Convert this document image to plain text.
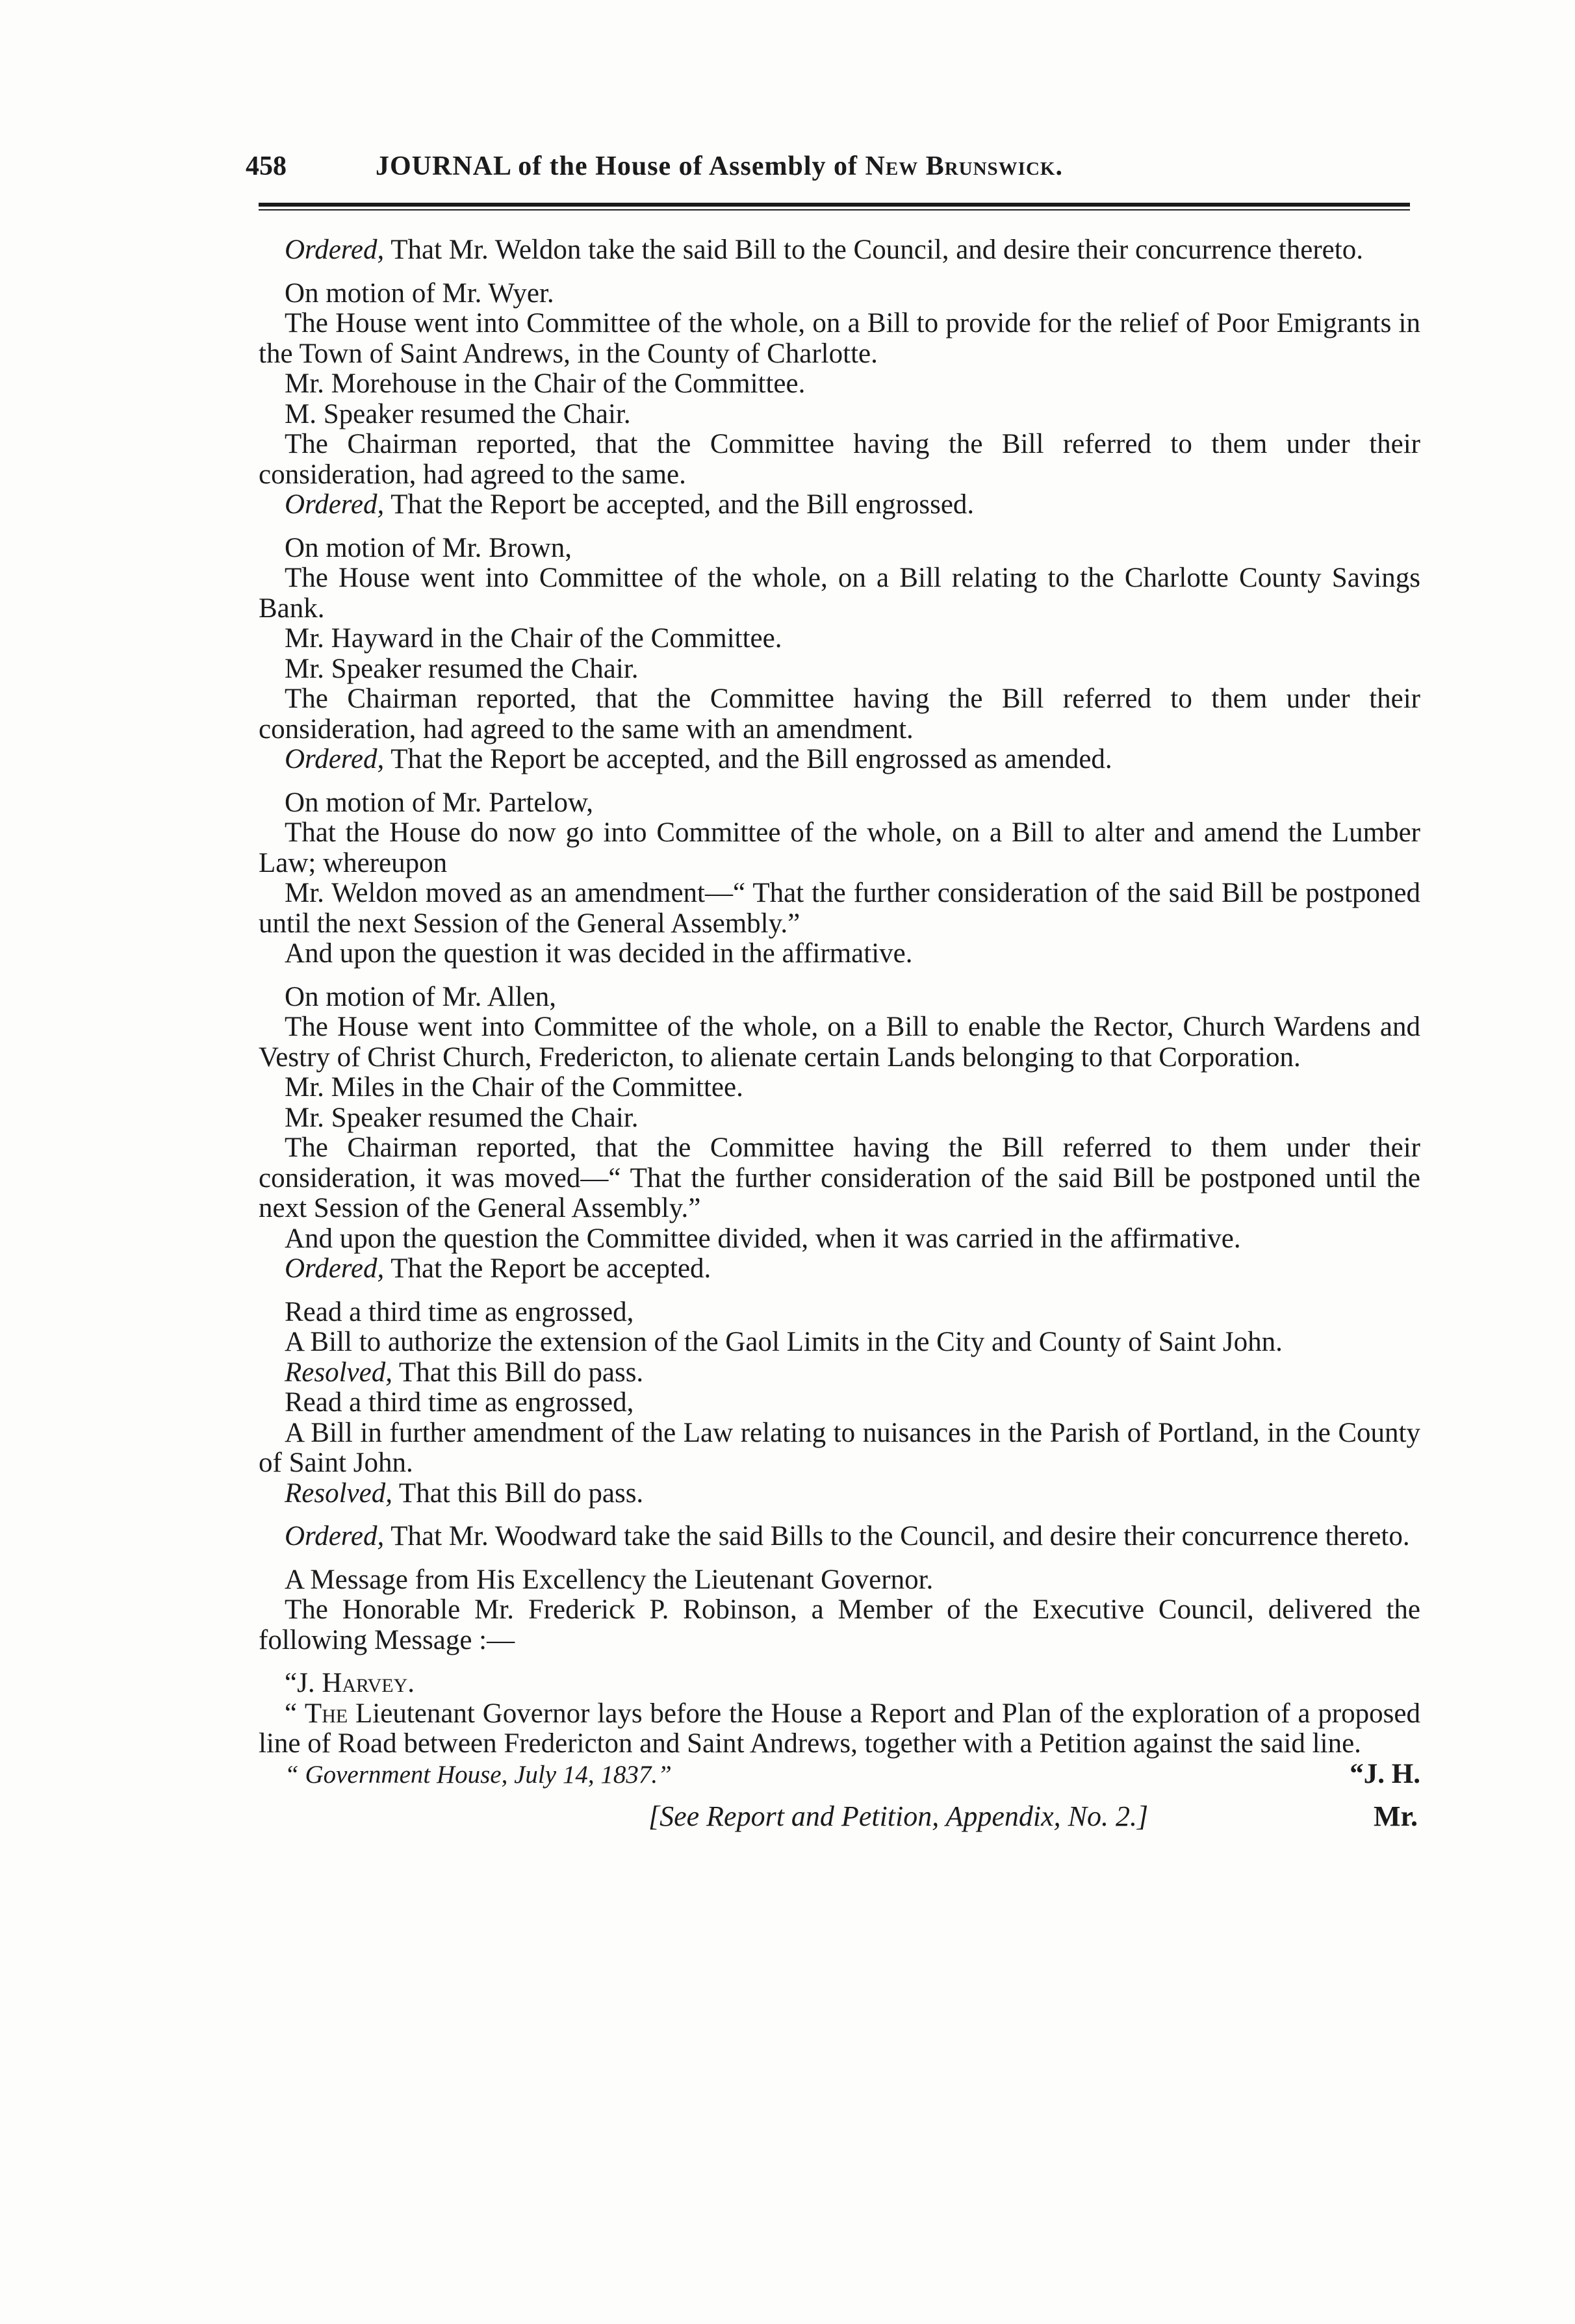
458	JOURNAL of the House of Assembly of New Brunswick.

Ordered, That Mr. Weldon take the said Bill to the Council, and desire their concurrence thereto.

On motion of Mr. Wyer.

The House went into Committee of the whole, on a Bill to provide for the relief of Poor Emigrants in the Town of Saint Andrews, in the County of Charlotte.

Mr. Morehouse in the Chair of the Committee.

M. Speaker resumed the Chair.

The Chairman reported, that the Committee having the Bill referred to them under their consideration, had agreed to the same.

Ordered, That the Report be accepted, and the Bill engrossed.

On motion of Mr. Brown,

The House went into Committee of the whole, on a Bill relating to the Charlotte County Savings Bank.

Mr. Hayward in the Chair of the Committee.

Mr. Speaker resumed the Chair.

The Chairman reported, that the Committee having the Bill referred to them under their consideration, had agreed to the same with an amendment.

Ordered, That the Report be accepted, and the Bill engrossed as amended.

On motion of Mr. Partelow,

That the House do now go into Committee of the whole, on a Bill to alter and amend the Lumber Law; whereupon

Mr. Weldon moved as an amendment—“ That the further consideration of the said Bill be postponed until the next Session of the General Assembly.”

And upon the question it was decided in the affirmative.

On motion of Mr. Allen,

The House went into Committee of the whole, on a Bill to enable the Rector, Church Wardens and Vestry of Christ Church, Fredericton, to alienate certain Lands belonging to that Corporation.

Mr. Miles in the Chair of the Committee.

Mr. Speaker resumed the Chair.

The Chairman reported, that the Committee having the Bill referred to them under their consideration, it was moved—“ That the further consideration of the said Bill be postponed until the next Session of the General Assembly.”

And upon the question the Committee divided, when it was carried in the affirmative.

Ordered, That the Report be accepted.

Read a third time as engrossed,

A Bill to authorize the extension of the Gaol Limits in the City and County of Saint John.

Resolved, That this Bill do pass.

Read a third time as engrossed,

A Bill in further amendment of the Law relating to nuisances in the Parish of Portland, in the County of Saint John.

Resolved, That this Bill do pass.

Ordered, That Mr. Woodward take the said Bills to the Council, and desire their concurrence thereto.

A Message from His Excellency the Lieutenant Governor.

The Honorable Mr. Frederick P. Robinson, a Member of the Executive Council, delivered the following Message :—

“J. Harvey.

“ The Lieutenant Governor lays before the House a Report and Plan of the exploration of a proposed line of Road between Fredericton and Saint Andrews, together with a Petition against the said line.
“J. H.

“ Government House, July 14, 1837.”

[See Report and Petition, Appendix, No. 2.]	Mr.
